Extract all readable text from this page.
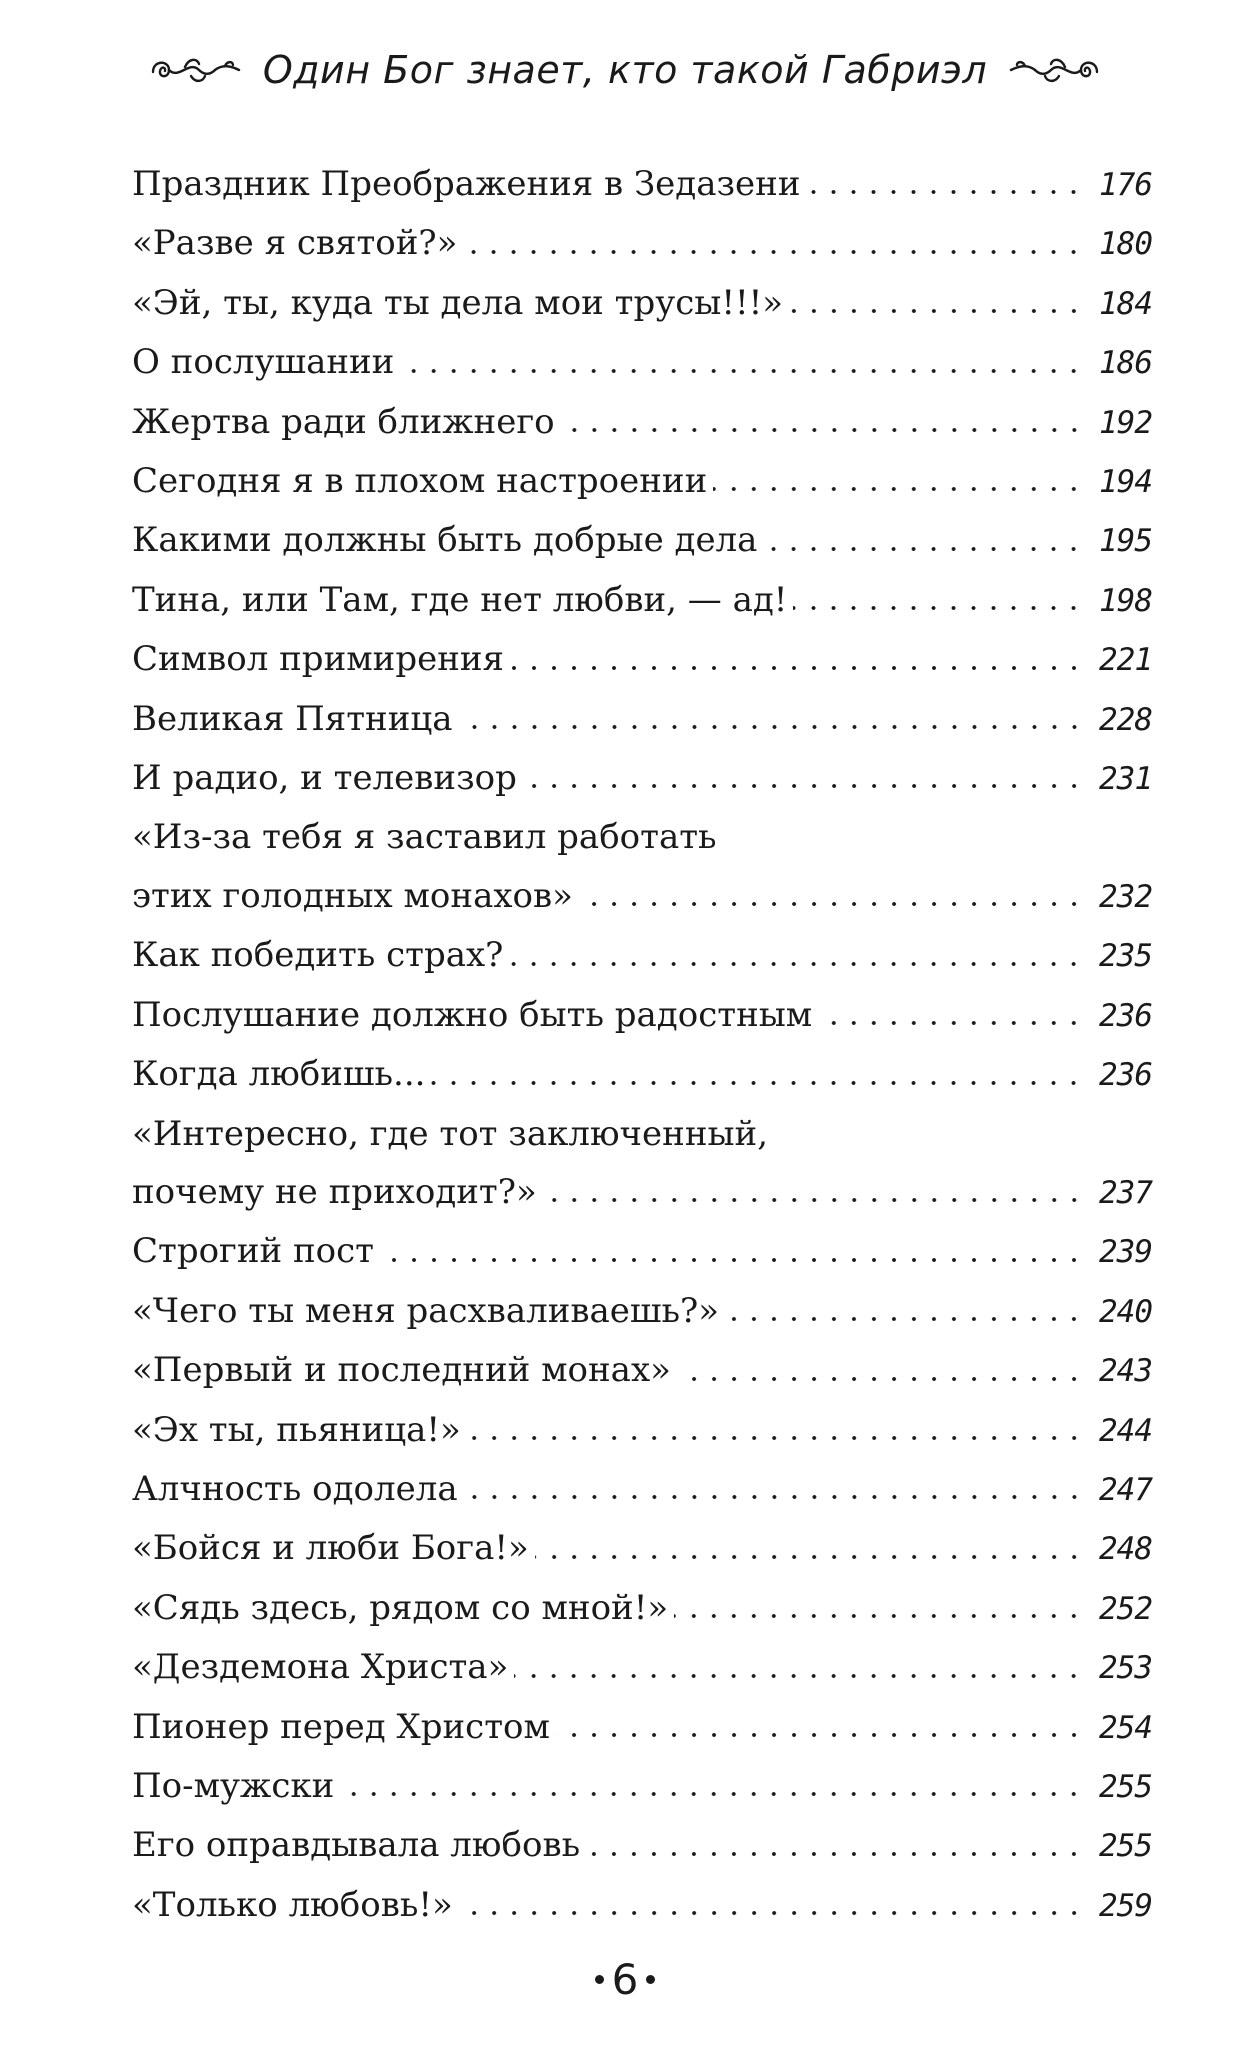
Один Бог знает, кто такой Габриэл
Праздник Преображения в Зедазени	176
«Разве я святой?»	180
«Эй, ты, куда ты дела мои трусы!!!»	184
О послушании	186
Жертва ради ближнего	192
Сегодня я в плохом настроении	194
Какими должны быть добрые дела	195
Тина, или Там, где нет любви, — ад!	198
Символ примирения	221
Великая Пятница	228
И радио, и телевизор	231
«Из-за тебя я заставил работать
этих голодных монахов»	232
Как победить страх?	235
Послушание должно быть радостным	236
Когда любишь...	236
«Интересно, где тот заключенный,
почему не приходит?»	237
Строгий пост	239
«Чего ты меня расхваливаешь?»	240
«Первый и последний монах»	243
«Эх ты, пьяница!»	244
Алчность одолела	247
«Бойся и люби Бога!»	248
«Сядь здесь, рядом со мной!»	252
«Дездемона Христа»	253
Пионер перед Христом	254
По-мужски	255
Его оправдывала любовь	255
«Только любовь!»	259
6
